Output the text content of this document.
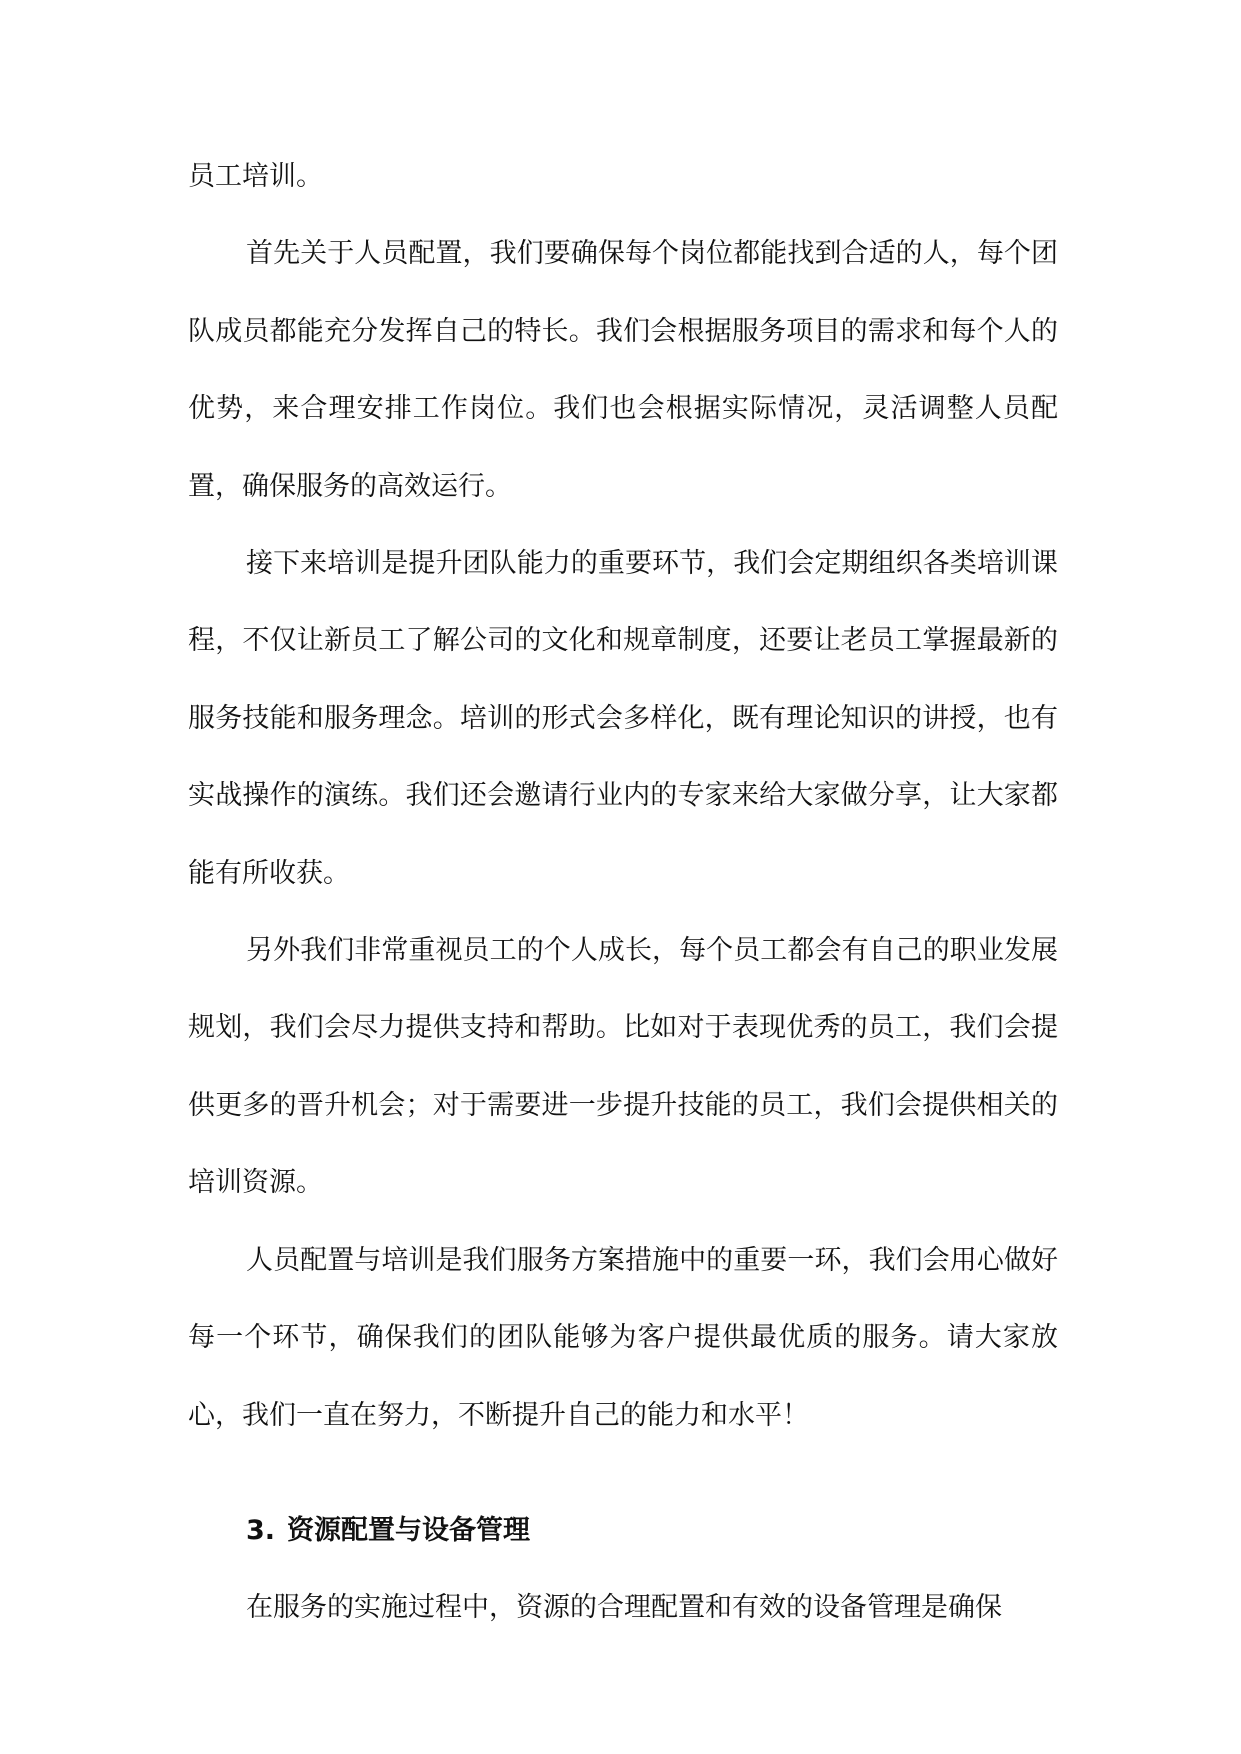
员工培训。

首先关于人员配置，我们要确保每个岗位都能找到合适的人，每个团队成员都能充分发挥自己的特长。我们会根据服务项目的需求和每个人的优势，来合理安排工作岗位。我们也会根据实际情况，灵活调整人员配置，确保服务的高效运行。

接下来培训是提升团队能力的重要环节，我们会定期组织各类培训课程，不仅让新员工了解公司的文化和规章制度，还要让老员工掌握最新的服务技能和服务理念。培训的形式会多样化，既有理论知识的讲授，也有实战操作的演练。我们还会邀请行业内的专家来给大家做分享，让大家都能有所收获。

另外我们非常重视员工的个人成长，每个员工都会有自己的职业发展规划，我们会尽力提供支持和帮助。比如对于表现优秀的员工，我们会提供更多的晋升机会；对于需要进一步提升技能的员工，我们会提供相关的培训资源。

人员配置与培训是我们服务方案措施中的重要一环，我们会用心做好每一个环节，确保我们的团队能够为客户提供最优质的服务。请大家放心，我们一直在努力，不断提升自己的能力和水平！

3. 资源配置与设备管理

在服务的实施过程中，资源的合理配置和有效的设备管理是确保
